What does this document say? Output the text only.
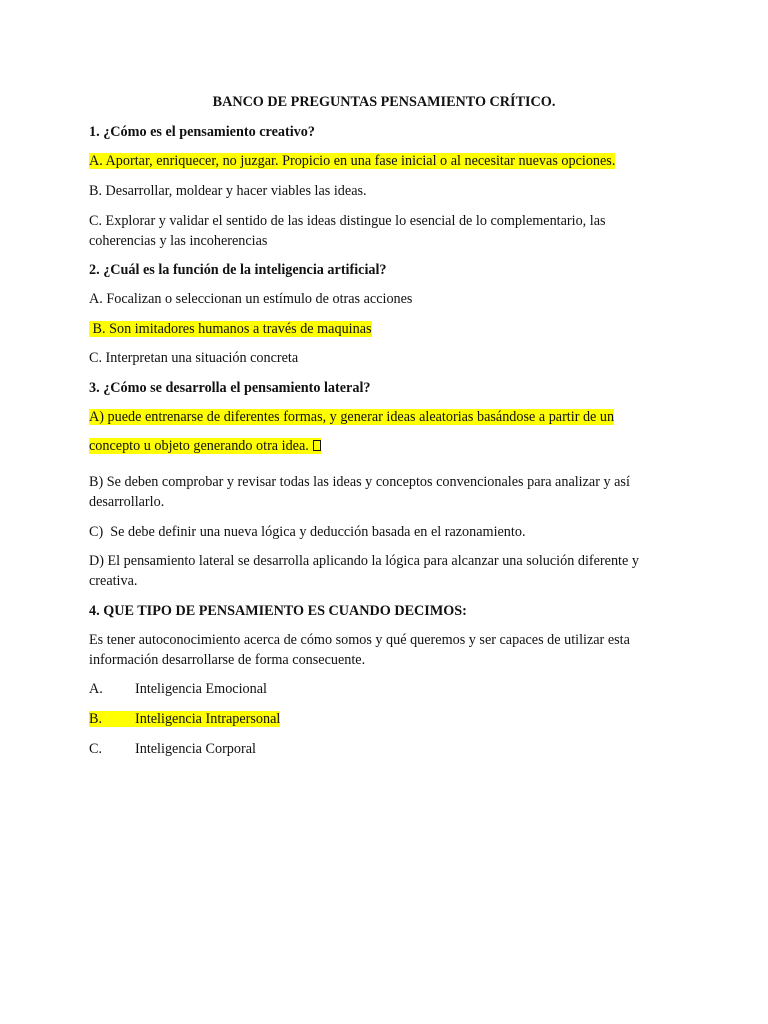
BANCO DE PREGUNTAS PENSAMIENTO CRÍTICO.
1. ¿Cómo es el pensamiento creativo?
A. Aportar, enriquecer, no juzgar. Propicio en una fase inicial o al necesitar nuevas opciones.
B. Desarrollar, moldear y hacer viables las ideas.
C. Explorar y validar el sentido de las ideas distingue lo esencial de lo complementario, las
coherencias y las incoherencias
2. ¿Cuál es la función de la inteligencia artificial?
A. Focalizan o seleccionan un estímulo de otras acciones
B. Son imitadores humanos a través de maquinas
C. Interpretan una situación concreta
3. ¿Cómo se desarrolla el pensamiento lateral?
A) puede entrenarse de diferentes formas, y generar ideas aleatorias basándose a partir de un
concepto u objeto generando otra idea.
B) Se deben comprobar y revisar todas las ideas y conceptos convencionales para analizar y así
desarrollarlo.
C)  Se debe definir una nueva lógica y deducción basada en el razonamiento.
D) El pensamiento lateral se desarrolla aplicando la lógica para alcanzar una solución diferente y
creativa.
4. QUE TIPO DE PENSAMIENTO ES CUANDO DECIMOS:
Es tener autoconocimiento acerca de cómo somos y qué queremos y ser capaces de utilizar esta
información desarrollarse de forma consecuente.
A. Inteligencia Emocional
B. Inteligencia Intrapersonal
C. Inteligencia Corporal
